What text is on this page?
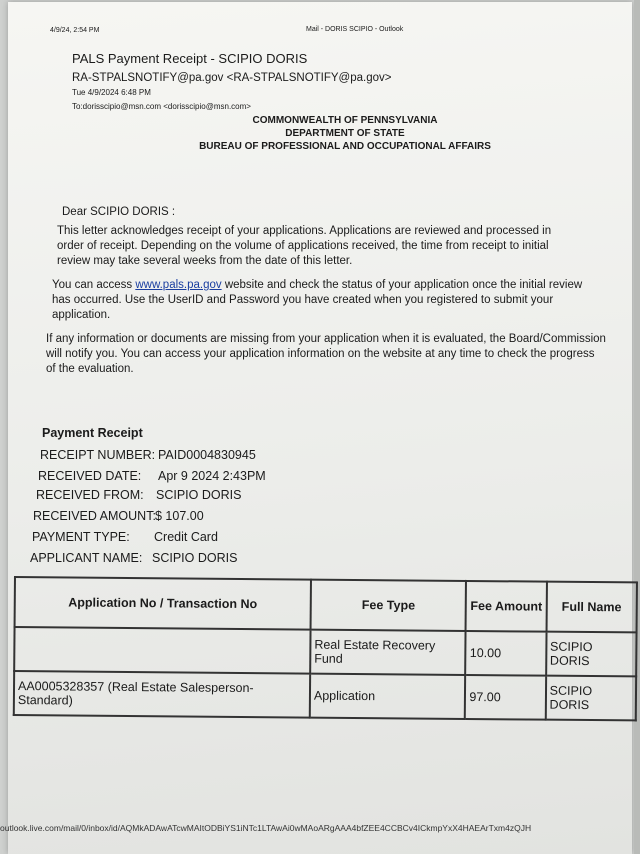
4/9/24, 2:54 PM	Mail - DORIS SCIPIO - Outlook
PALS Payment Receipt - SCIPIO DORIS
RA-STPALSNOTIFY@pa.gov <RA-STPALSNOTIFY@pa.gov>
Tue 4/9/2024 6:48 PM
To:dorisscipio@msn.com <dorisscipio@msn.com>
COMMONWEALTH OF PENNSYLVANIA
DEPARTMENT OF STATE
BUREAU OF PROFESSIONAL AND OCCUPATIONAL AFFAIRS
Dear SCIPIO DORIS :
This letter acknowledges receipt of your applications. Applications are reviewed and processed in order of receipt. Depending on the volume of applications received, the time from receipt to initial review may take several weeks from the date of this letter.
You can access www.pals.pa.gov website and check the status of your application once the initial review has occurred. Use the UserID and Password you have created when you registered to submit your application.
If any information or documents are missing from your application when it is evaluated, the Board/Commission will notify you. You can access your application information on the website at any time to check the progress of the evaluation.
Payment Receipt
RECEIPT NUMBER: PAID0004830945
RECEIVED DATE: Apr 9 2024 2:43PM
RECEIVED FROM: SCIPIO DORIS
RECEIVED AMOUNT: $ 107.00
PAYMENT TYPE: Credit Card
APPLICANT NAME: SCIPIO DORIS
Application No / Transaction No	Fee Type	Fee Amount	Full Name
	Real Estate Recovery Fund	10.00	SCIPIO DORIS
AA0005328357 (Real Estate Salesperson-Standard)	Application	97.00	SCIPIO DORIS
outlook.live.com/mail/0/inbox/id/AQMkADAwATcwMAItODBiYS1iNTc1LTAwAi0wMAoARgAAA4bfZEE4CCBCv4ICkmpYxX4HAEArTxm4zQJH
